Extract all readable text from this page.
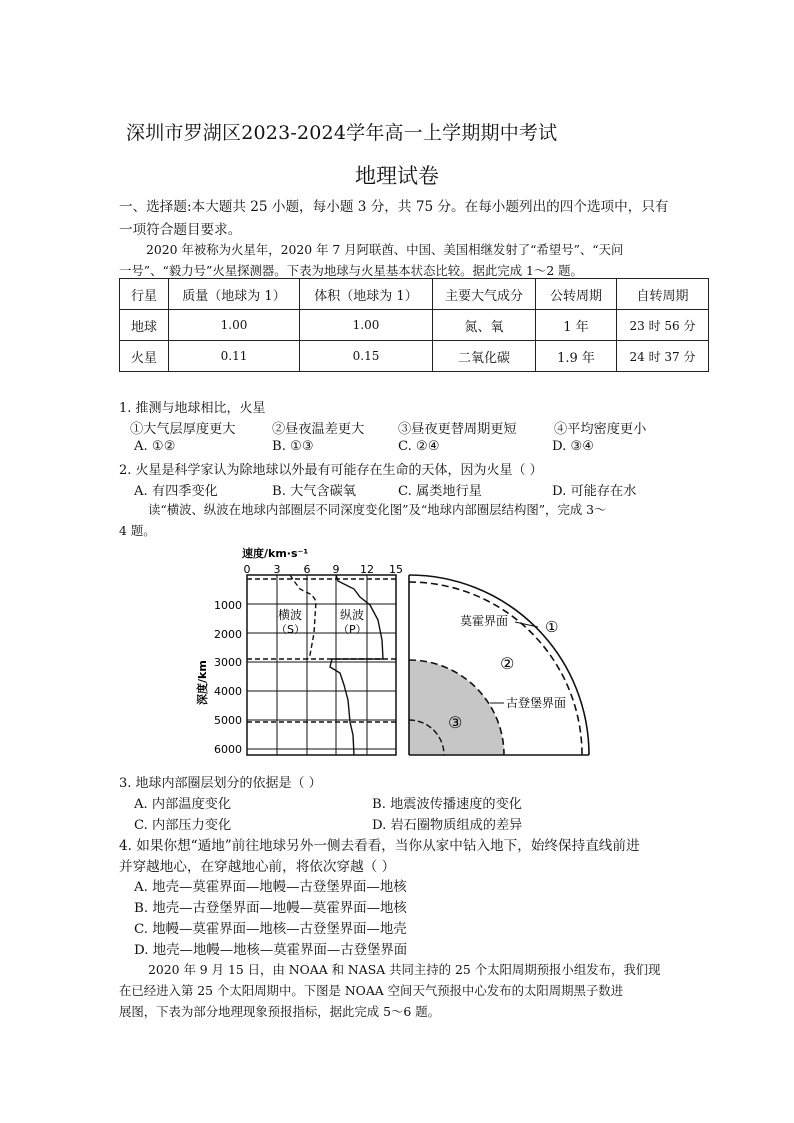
深圳市罗湖区2023-2024学年高一上学期期中考试
地理试卷
一、选择题:本大题共 25 小题，每小题 3 分，共 75 分。在每小题列出的四个选项中，只有
一项符合题目要求。
2020 年被称为火星年，2020 年 7 月阿联酋、中国、美国相继发射了“希望号”、“天问
一号”、“毅力号”火星探测器。下表为地球与火星基本状态比较。据此完成 1～2 题。
行星	质量（地球为 1）	体积（地球为 1）	主要大气成分	公转周期	自转周期
地球	1.00	1.00	氮、氧	1 年	23 时 56 分
火星	0.11	0.15	二氧化碳	1.9 年	24 时 37 分
1. 推测与地球相比，火星
①大气层厚度更大	②昼夜温差更大	③昼夜更替周期更短	④平均密度更小
A. ①②	B. ①③	C. ②④	D. ③④
2. 火星是科学家认为除地球以外最有可能存在生命的天体，因为火星（ ）
A. 有四季变化	B. 大气含碳氧	C. 属类地行星	D. 可能存在水
读“横波、纵波在地球内部圈层不同深度变化图”及“地球内部圈层结构图”，完成 3～
4 题。
速度/km·s⁻¹
0 3 6 9 12 15
1000
2000
3000
4000
5000
6000
深度/km
横波
（S）
纵波
（P）
莫霍界面 ①
②
古登堡界面
③
3. 地球内部圈层划分的依据是（ ）
A. 内部温度变化	B. 地震波传播速度的变化
C. 内部压力变化	D. 岩石圈物质组成的差异
4. 如果你想“遁地”前往地球另外一侧去看看，当你从家中钻入地下，始终保持直线前进
并穿越地心，在穿越地心前，将依次穿越（ ）
A. 地壳—莫霍界面—地幔—古登堡界面—地核
B. 地壳—古登堡界面—地幔—莫霍界面—地核
C. 地幔—莫霍界面—地核—古登堡界面—地壳
D. 地壳—地幔—地核—莫霍界面—古登堡界面
2020 年 9 月 15 日，由 NOAA 和 NASA 共同主持的 25 个太阳周期预报小组发布，我们现
在已经进入第 25 个太阳周期中。下图是 NOAA 空间天气预报中心发布的太阳周期黑子数进
展图，下表为部分地理现象预报指标，据此完成 5～6 题。
